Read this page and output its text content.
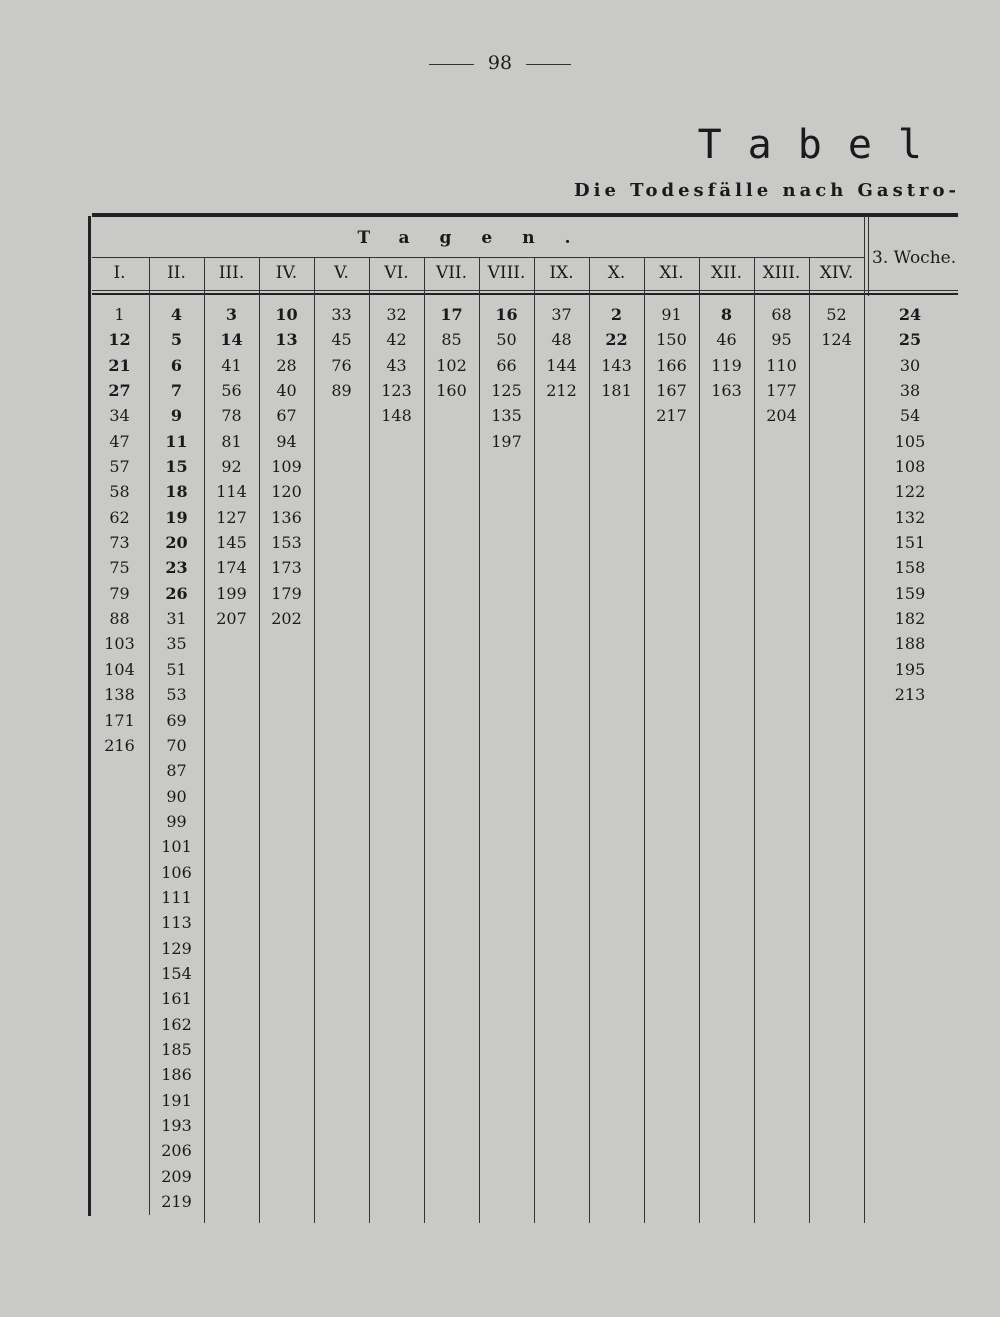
98
Tabel
Die Todesfälle nach Gastro-
Tagen.
3. Woche.
I.
1
12
21
27
34
47
57
58
62
73
75
79
88
103
104
138
171
216
II.
4
5
6
7
9
11
15
18
19
20
23
26
31
35
51
53
69
70
87
90
99
101
106
111
113
129
154
161
162
185
186
191
193
206
209
219
III.
3
14
41
56
78
81
92
114
127
145
174
199
207
IV.
10
13
28
40
67
94
109
120
136
153
173
179
202
V.
33
45
76
89
VI.
32
42
43
123
148
VII.
17
85
102
160
VIII.
16
50
66
125
135
197
IX.
37
48
144
212
X.
2
22
143
181
XI.
91
150
166
167
217
XII.
8
46
119
163
XIII.
68
95
110
177
204
XIV.
52
124
24
25
30
38
54
105
108
122
132
151
158
159
182
188
195
213
